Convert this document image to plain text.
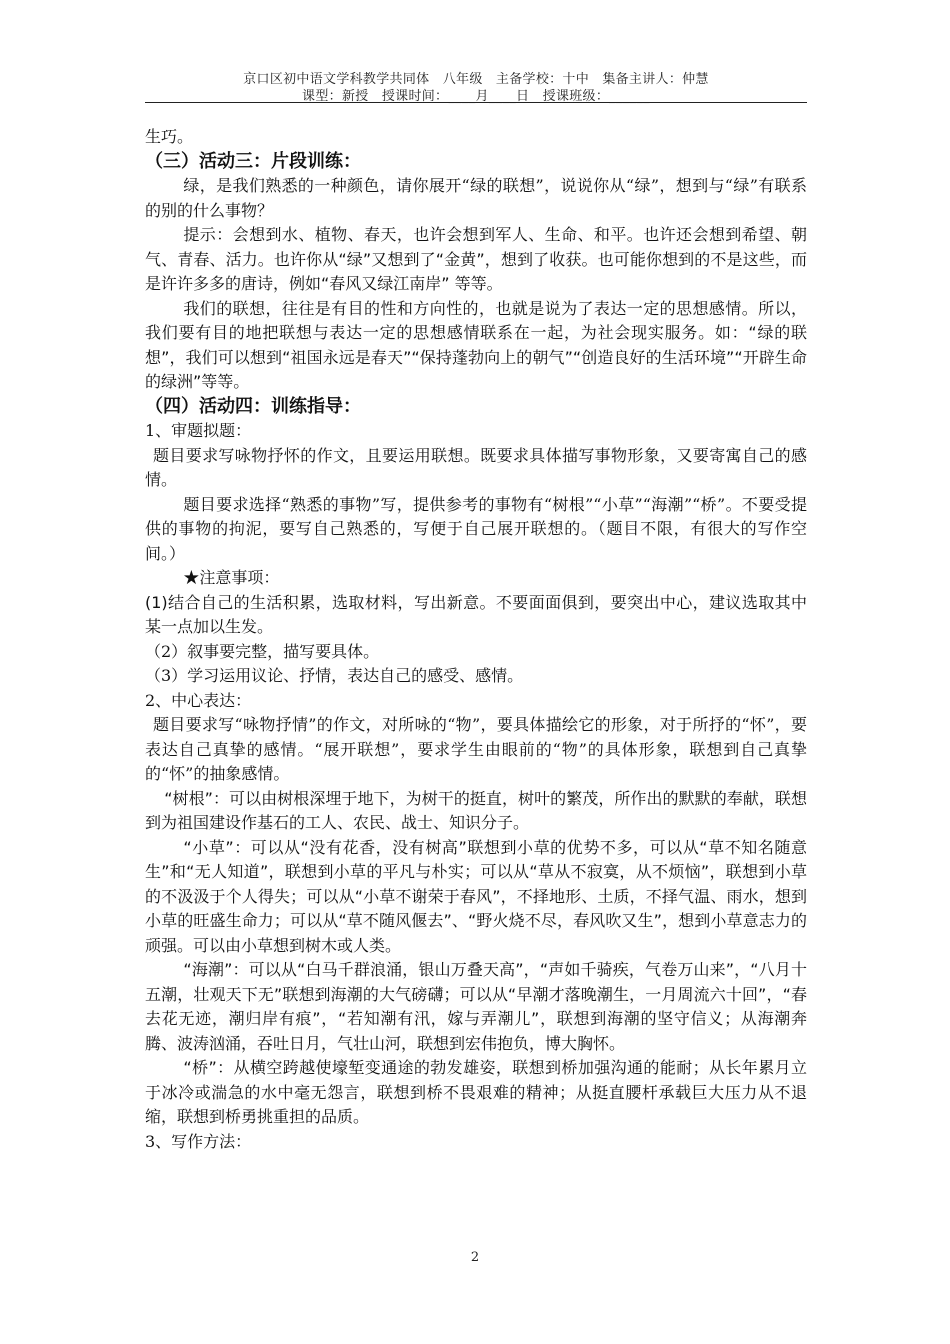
京口区初中语文学科教学共同体　八年级　主备学校：十中　集备主讲人：仲慧
课型：新授　授课时间：____月____日　授课班级：______

生巧。

（三）活动三：片段训练：

绿，是我们熟悉的一种颜色，请你展开“绿的联想”，说说你从“绿”，想到与“绿”有联系的别的什么事物？

提示：会想到水、植物、春天，也许会想到军人、生命、和平。也许还会想到希望、朝气、青春、活力。也许你从“绿”又想到了“金黄”，想到了收获。也可能你想到的不是这些，而是许许多多的唐诗，例如“春风又绿江南岸” 等等。

我们的联想，往往是有目的性和方向性的，也就是说为了表达一定的思想感情。所以，我们要有目的地把联想与表达一定的思想感情联系在一起，为社会现实服务。如：“绿的联想”，我们可以想到“祖国永远是春天”“保持蓬勃向上的朝气”“创造良好的生活环境”“开辟生命的绿洲”等等。

（四）活动四：训练指导：

1、审题拟题：

题目要求写咏物抒怀的作文，且要运用联想。既要求具体描写事物形象，又要寄寓自己的感情。

题目要求选择“熟悉的事物”写，提供参考的事物有“树根”“小草”“海潮”“桥”。不要受提供的事物的拘泥，要写自己熟悉的，写便于自己展开联想的。（题目不限，有很大的写作空间。）

★注意事项：

(1)结合自己的生活积累，选取材料，写出新意。不要面面俱到，要突出中心，建议选取其中某一点加以生发。

（2）叙事要完整，描写要具体。

（3）学习运用议论、抒情，表达自己的感受、感情。

2、中心表达：

题目要求写“咏物抒情”的作文，对所咏的“物”，要具体描绘它的形象，对于所抒的“怀”，要表达自己真挚的感情。“展开联想”，要求学生由眼前的“物”的具体形象，联想到自己真挚的“怀”的抽象感情。

“树根”：可以由树根深埋于地下，为树干的挺直，树叶的繁茂，所作出的默默的奉献，联想到为祖国建设作基石的工人、农民、战士、知识分子。

“小草”：可以从“没有花香，没有树高”联想到小草的优势不多，可以从“草不知名随意生”和“无人知道”，联想到小草的平凡与朴实；可以从“草从不寂寞，从不烦恼”，联想到小草的不汲汲于个人得失；可以从“小草不谢荣于春风”，不择地形、土质，不择气温、雨水，想到小草的旺盛生命力；可以从“草不随风偃去”、“野火烧不尽，春风吹又生”，想到小草意志力的顽强。可以由小草想到树木或人类。

“海潮”：可以从“白马千群浪涌，银山万叠天高”，“声如千骑疾，气卷万山来”，“八月十五潮，壮观天下无”联想到海潮的大气磅礴；可以从“早潮才落晚潮生，一月周流六十回”，“春去花无迹，潮归岸有痕”，“若知潮有汛，嫁与弄潮儿”，联想到海潮的坚守信义；从海潮奔腾、波涛汹涌，吞吐日月，气壮山河，联想到宏伟抱负，博大胸怀。

“桥”：从横空跨越使壕堑变通途的勃发雄姿，联想到桥加强沟通的能耐；从长年累月立于冰冷或湍急的水中毫无怨言，联想到桥不畏艰难的精神；从挺直腰杆承载巨大压力从不退缩，联想到桥勇挑重担的品质。

3、写作方法：

2
